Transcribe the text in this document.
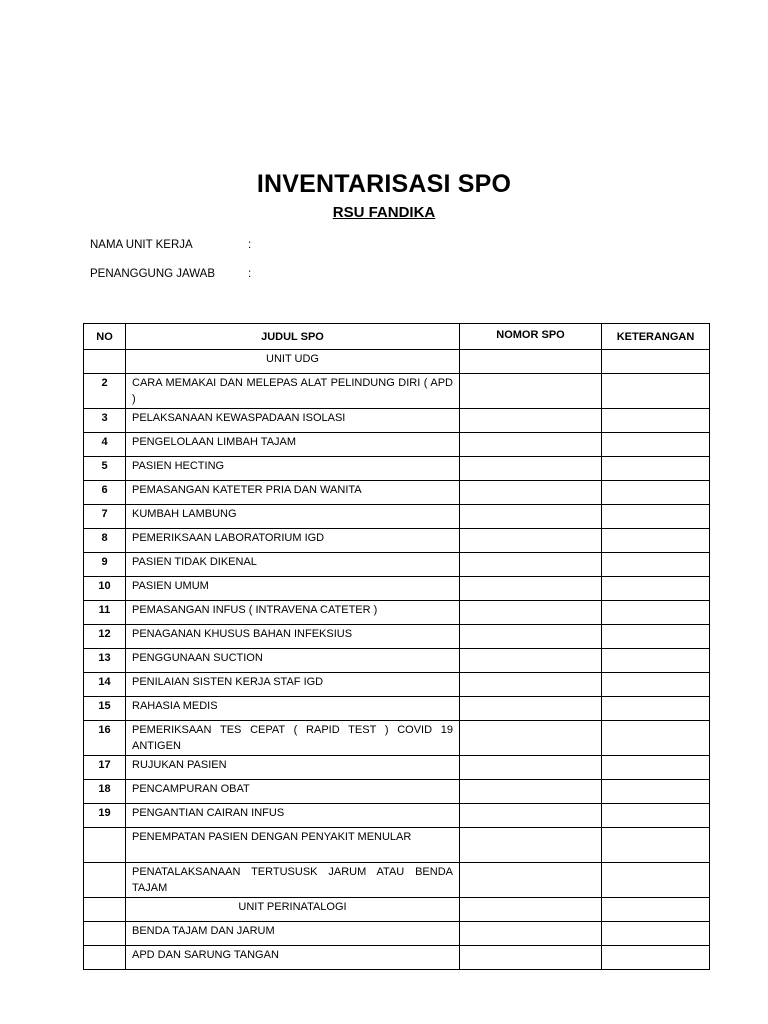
INVENTARISASI SPO
RSU FANDIKA
NAMA UNIT KERJA	:
PENANGGUNG JAWAB	:
NO	JUDUL SPO	NOMOR SPO	KETERANGAN
	UNIT UDG		
2	CARA MEMAKAI DAN MELEPAS ALAT PELINDUNG DIRI ( APD )		
3	PELAKSANAAN KEWASPADAAN ISOLASI		
4	PENGELOLAAN LIMBAH TAJAM		
5	PASIEN HECTING		
6	PEMASANGAN KATETER PRIA DAN WANITA		
7	KUMBAH LAMBUNG		
8	PEMERIKSAAN LABORATORIUM IGD		
9	PASIEN TIDAK DIKENAL		
10	PASIEN UMUM		
11	PEMASANGAN INFUS ( INTRAVENA CATETER )		
12	PENAGANAN KHUSUS BAHAN INFEKSIUS		
13	PENGGUNAAN SUCTION		
14	PENILAIAN SISTEN KERJA STAF IGD		
15	RAHASIA MEDIS		
16	PEMERIKSAAN TES CEPAT ( RAPID TEST ) COVID 19 ANTIGEN		
17	RUJUKAN PASIEN		
18	PENCAMPURAN OBAT		
19	PENGANTIAN CAIRAN INFUS		
	PENEMPATAN PASIEN DENGAN PENYAKIT MENULAR		
	PENATALAKSANAAN TERTUSUSK JARUM ATAU BENDA TAJAM		
	UNIT PERINATALOGI		
	BENDA TAJAM DAN JARUM		
	APD DAN SARUNG TANGAN		
